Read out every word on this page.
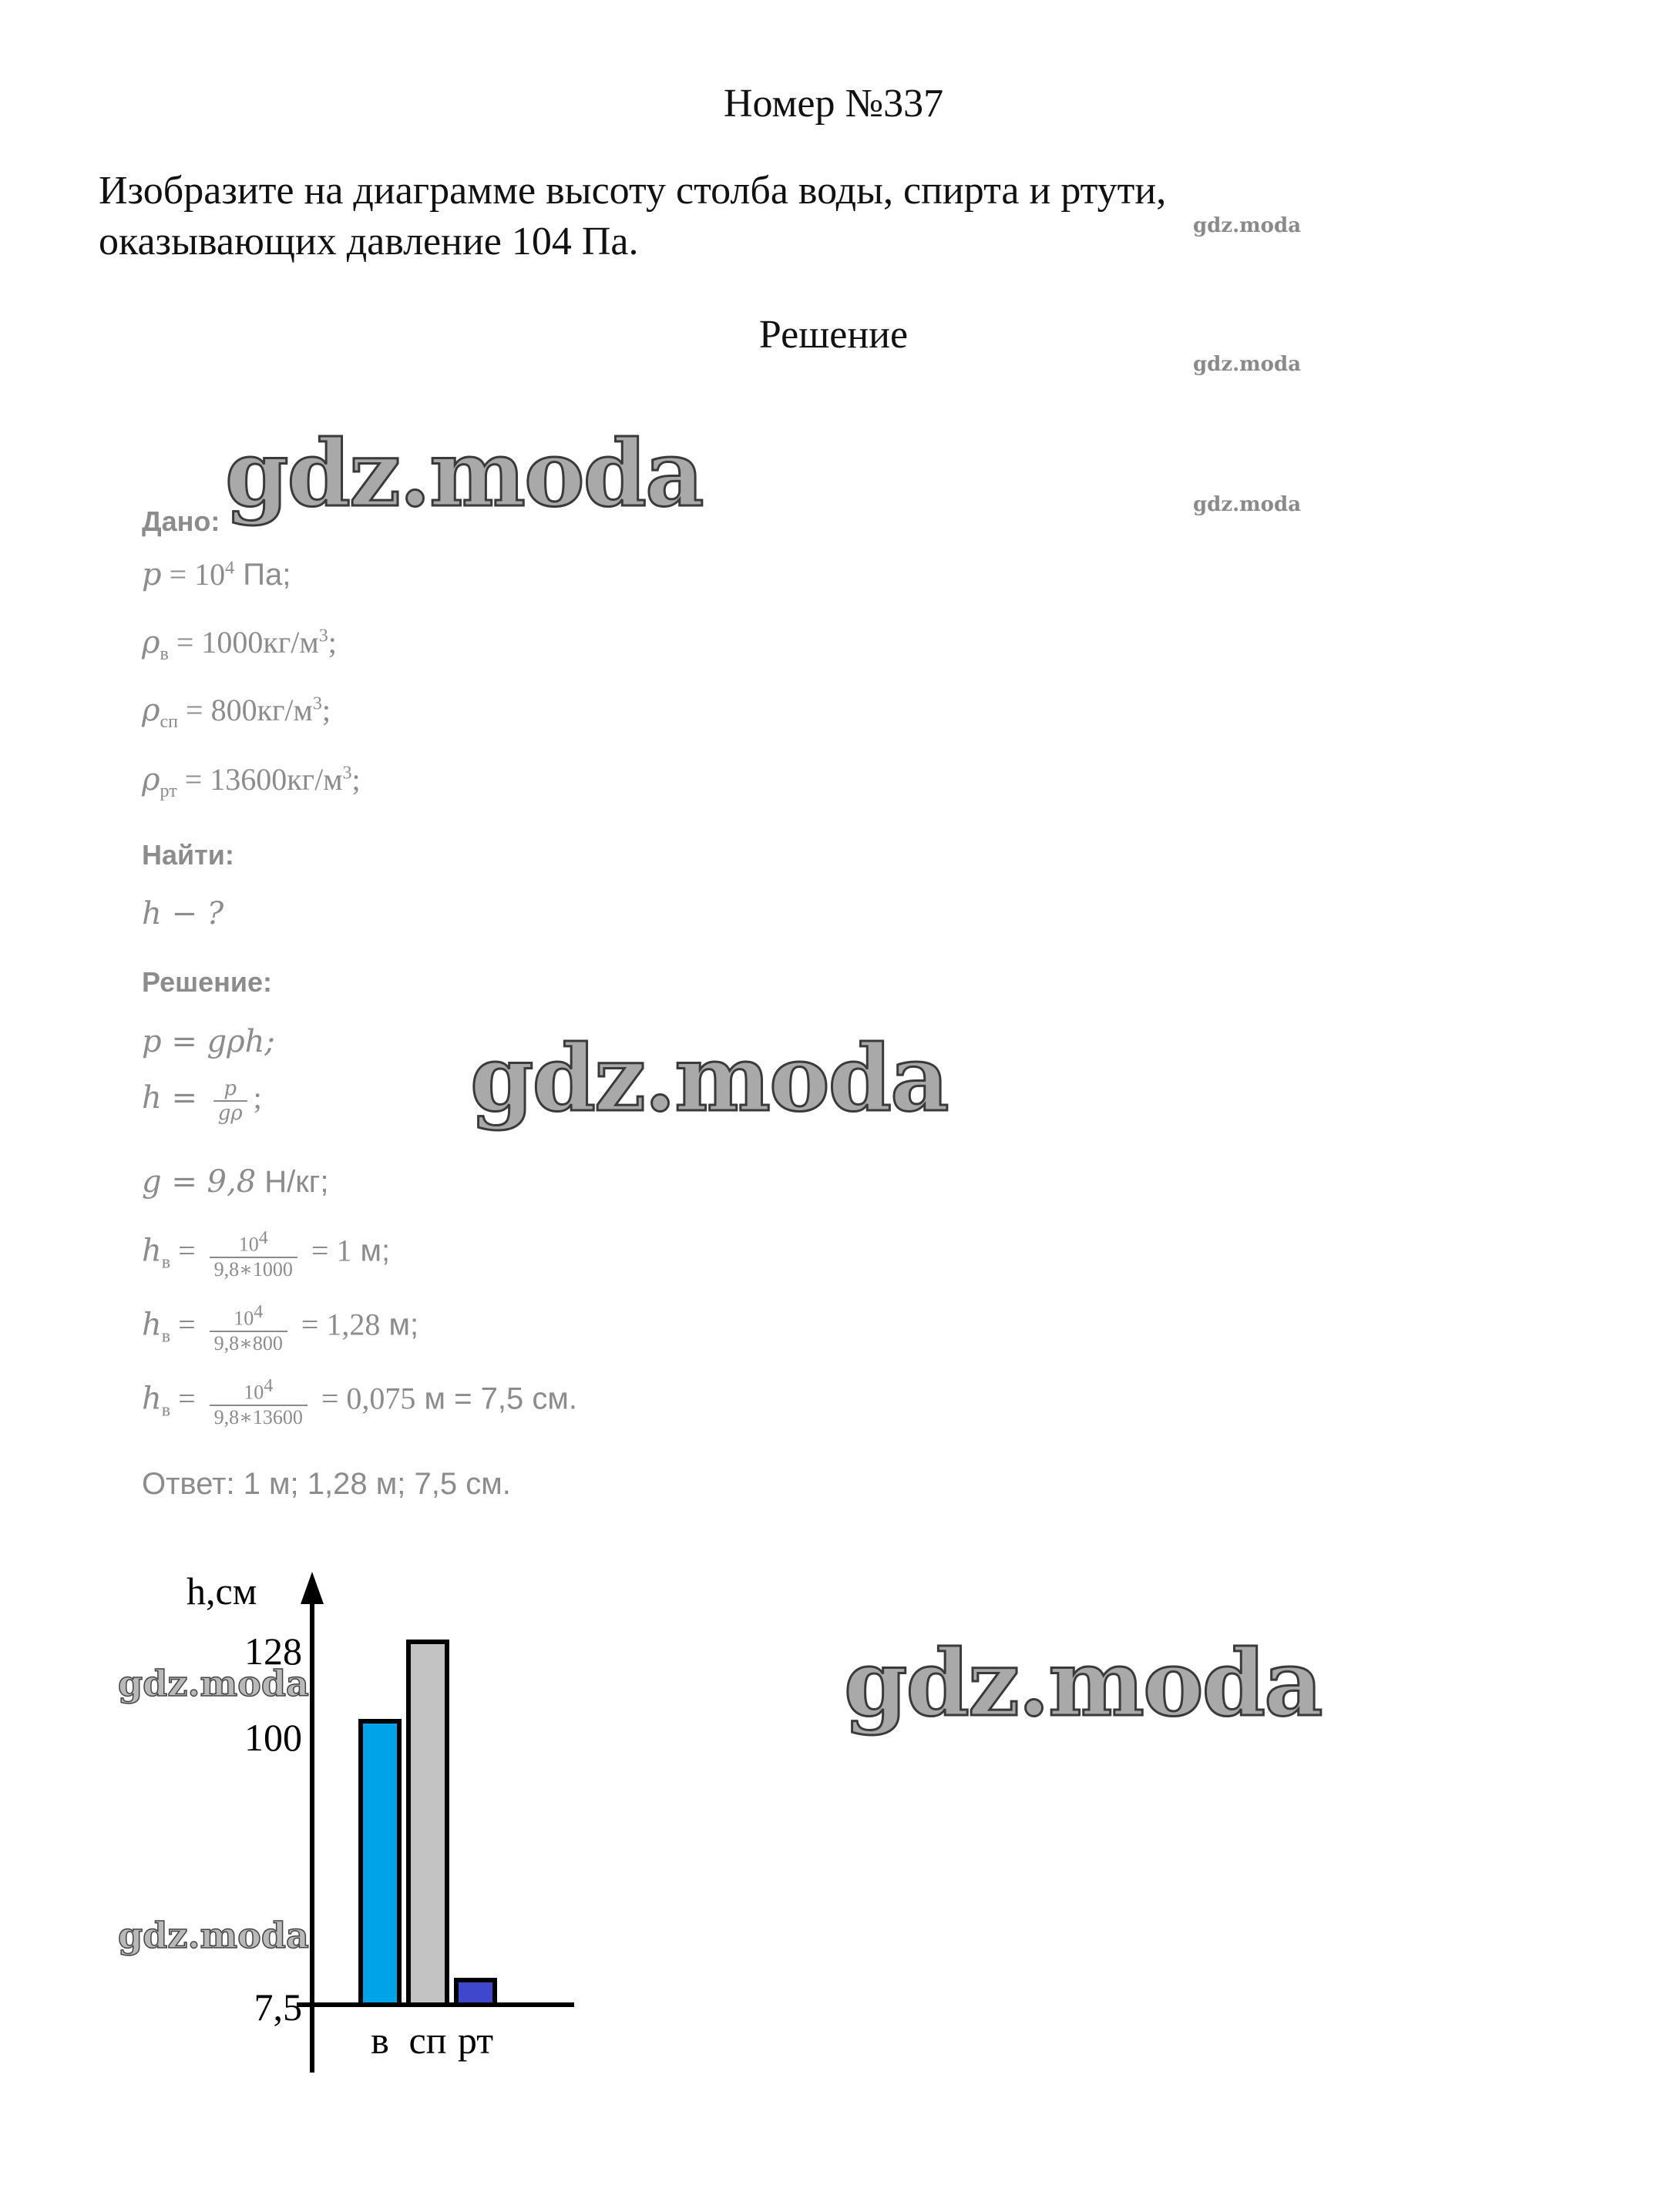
Номер №337
Изобразите на диаграмме высоту столба воды, спирта и ртути,
оказывающих давление 104 Па.
Решение
gdz.moda
gdz.moda
gdz.moda
gdz.moda
gdz.moda
gdz.moda
Дано:
$p = 10^4$ Па;
$\rho_в = 1000кг/м^3$;
$\rho_{сп} = 800кг/м^3$;
$\rho_{рт} = 13600кг/м^3$;
Найти:
h − ?
Решение:
p = gρh;
$h = \frac{p}{g\rho}$ ;
g = 9,8 Н/кг;
$h_в = \frac{10^4}{9,8∗1000} = 1$ м;
$h_в = \frac{10^4}{9,8∗800} = 1,28$ м;
$h_в = \frac{10^4}{9,8∗13600} = 0,075$ м = 7,5 см.
Ответ: 1 м; 1,28 м; 7,5 см.
в сп рт
h,см
128
100
7,5
gdz.moda
gdz.moda
